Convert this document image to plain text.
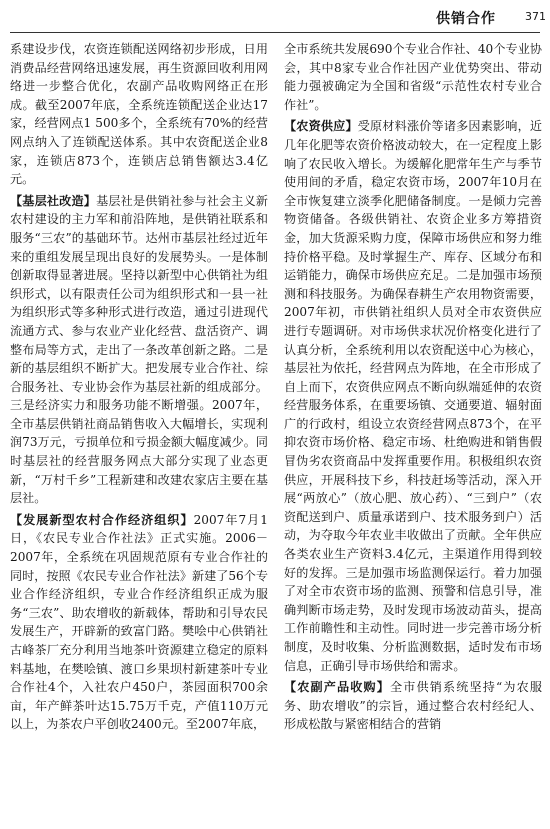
供销合作	371

系建设步伐，农资连锁配送网络初步形成，日用消费品经营网络迅速发展，再生资源回收利用网络进一步整合优化，农副产品收购网络正在形成。截至2007年底，全系统连锁配送企业达17家，经营网点1 500多个，全系统有70%的经营网点纳入了连锁配送体系。其中农资配送企业8家，连锁店873个，连锁店总销售额达3.4亿元。

【基层社改造】基层社是供销社参与社会主义新农村建设的主力军和前沿阵地，是供销社联系和服务“三农”的基础环节。达州市基层社经过近年来的重组发展呈现出良好的发展势头。一是体制创新取得显著进展。坚持以新型中心供销社为组织形式，以有限责任公司为组织形式和一县一社为组织形式等多种形式进行改造，通过引进现代流通方式、参与农业产业化经营、盘活资产、调整布局等方式，走出了一条改革创新之路。二是新的基层组织不断扩大。把发展专业合作社、综合服务社、专业协会作为基层社新的组成部分。三是经济实力和服务功能不断增强。2007年，全市基层供销社商品销售收入大幅增长，实现利润73万元，亏损单位和亏损金额大幅度减少。同时基层社的经营服务网点大部分实现了业态更新，“万村千乡”工程新建和改建农家店主要在基层社。

【发展新型农村合作经济组织】2007年7月1日，《农民专业合作社法》正式实施。2006－2007年，全系统在巩固规范原有专业合作社的同时，按照《农民专业合作社法》新建了56个专业合作经济组织，专业合作经济组织正成为服务“三农”、助农增收的新载体，帮助和引导农民发展生产，开辟新的致富门路。樊哙中心供销社古峰茶厂充分利用当地茶叶资源建立稳定的原料料基地，在樊哙镇、渡口乡果坝村新建茶叶专业合作社4个，入社农户450户，茶园面积700余亩，年产鲜茶叶达15.75万千克，产值110万元以上，为茶农户平创收2400元。至2007年底，

全市系统共发展690个专业合作社、40个专业协会，其中8家专业合作社因产业优势突出、带动能力强被确定为全国和省级“示范性农村专业合作社”。

【农资供应】受原材料涨价等诸多因素影响，近几年化肥等农资价格波动较大，在一定程度上影响了农民收入增长。为缓解化肥常年生产与季节使用间的矛盾，稳定农资市场，2007年10月在全市恢复建立淡季化肥储备制度。一是倾力完善物资储备。各级供销社、农资企业多方筹措资金，加大货源采购力度，保障市场供应和努力维持价格平稳。及时掌握生产、库存、区域分布和运销能力，确保市场供应充足。二是加强市场预测和科技服务。为确保春耕生产农用物资需要，2007年初，市供销社组织人员对全市农资供应进行专题调研。对市场供求状况价格变化进行了认真分析，全系统利用以农资配送中心为核心，基层社为依托，经营网点为阵地，在全市形成了自上而下，农资供应网点不断向纵端延伸的农资经营服务体系，在重要场镇、交通要道、辐射面广的行政村，组设立农资经营网点873个，在平抑农资市场价格、稳定市场、杜绝购进和销售假冒伪劣农资商品中发挥重要作用。积极组织农资供应，开展科技下乡，科技赶场等活动，深入开展“两放心”（放心肥、放心药）、“三到户”（农资配送到户、质量承诺到户、技术服务到户）活动，为夺取今年农业丰收做出了贡献。全年供应各类农业生产资料3.4亿元，主渠道作用得到较好的发挥。三是加强市场监测保运行。着力加强了对全市农资市场的监测、预警和信息引导，准确判断市场走势，及时发现市场波动苗头，提高工作前瞻性和主动性。同时进一步完善市场分析制度，及时收集、分析监测数据，适时发布市场信息，正确引导市场供给和需求。

【农副产品收购】全市供销系统坚持“为农服务、助农增收”的宗旨，通过整合农村经纪人、形成松散与紧密相结合的营销
